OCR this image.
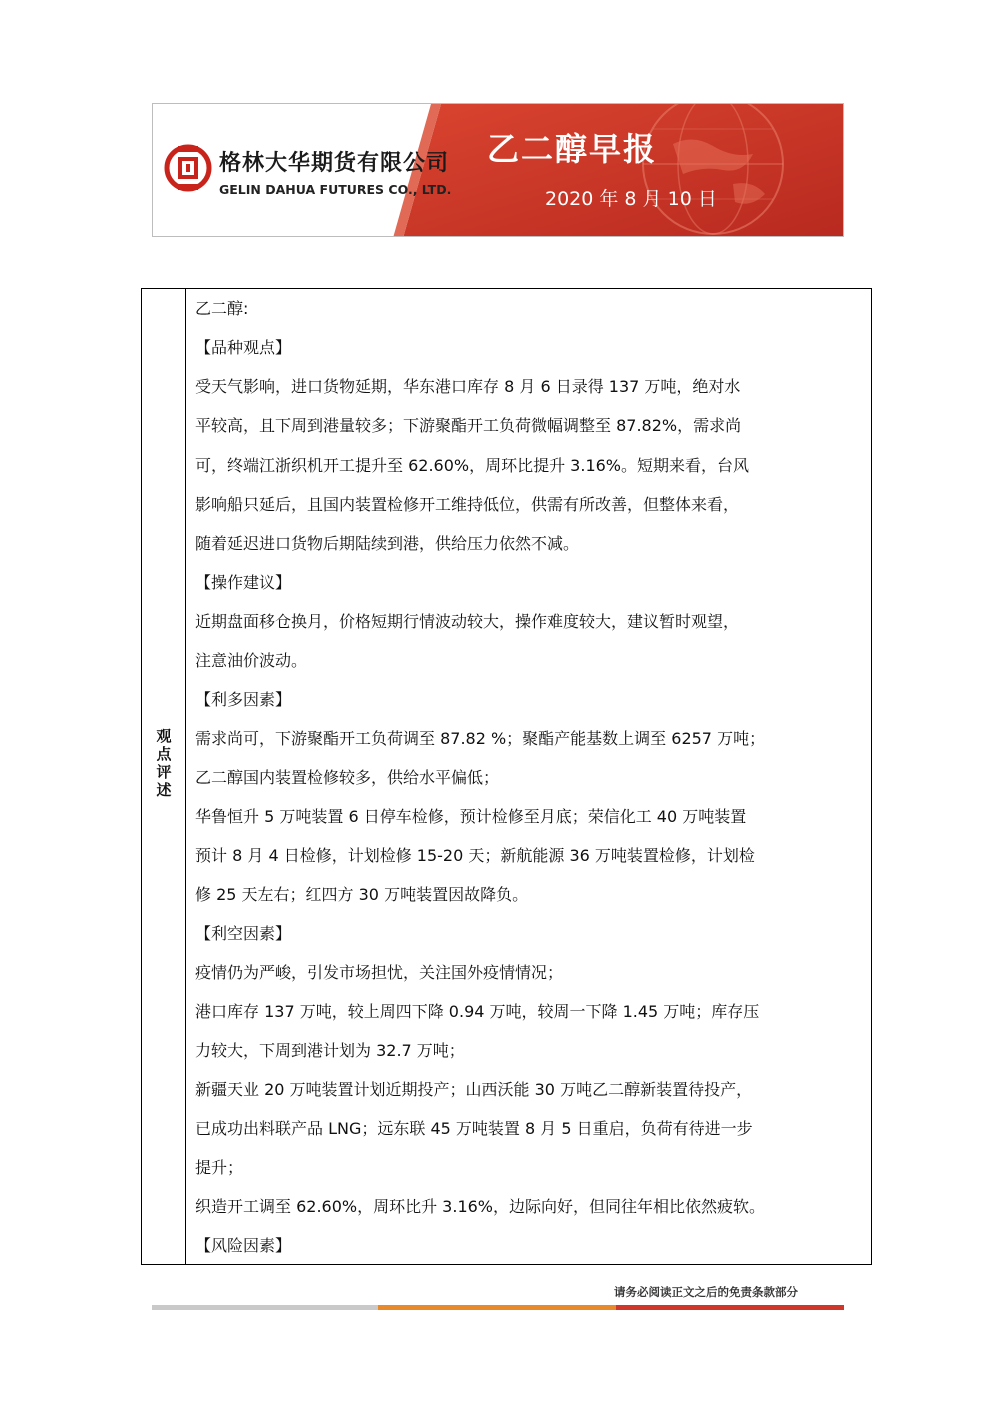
格林大华期货有限公司
GELIN DAHUA FUTURES CO., LTD.
乙二醇早报
2020 年 8 月 10 日
观点评述
乙二醇:
【品种观点】
受天气影响，进口货物延期，华东港口库存 8 月 6 日录得 137 万吨，绝对水
平较高，且下周到港量较多；下游聚酯开工负荷微幅调整至 87.82%，需求尚
可，终端江浙织机开工提升至 62.60%，周环比提升 3.16%。短期来看，台风
影响船只延后，且国内装置检修开工维持低位，供需有所改善，但整体来看，
随着延迟进口货物后期陆续到港，供给压力依然不减。
【操作建议】
近期盘面移仓换月，价格短期行情波动较大，操作难度较大，建议暂时观望，
注意油价波动。
【利多因素】
需求尚可，下游聚酯开工负荷调至 87.82 %；聚酯产能基数上调至 6257 万吨；
乙二醇国内装置检修较多，供给水平偏低；
华鲁恒升 5 万吨装置 6 日停车检修，预计检修至月底；荣信化工 40 万吨装置
预计 8 月 4 日检修，计划检修 15-20 天；新航能源 36 万吨装置检修，计划检
修 25 天左右；红四方 30 万吨装置因故降负。
【利空因素】
疫情仍为严峻，引发市场担忧，关注国外疫情情况；
港口库存 137 万吨，较上周四下降 0.94 万吨，较周一下降 1.45 万吨；库存压
力较大，下周到港计划为 32.7 万吨；
新疆天业 20 万吨装置计划近期投产；山西沃能 30 万吨乙二醇新装置待投产，
已成功出料联产品 LNG；远东联 45 万吨装置 8 月 5 日重启，负荷有待进一步
提升；
织造开工调至 62.60%，周环比升 3.16%，边际向好，但同往年相比依然疲软。
【风险因素】
请务必阅读正文之后的免责条款部分
